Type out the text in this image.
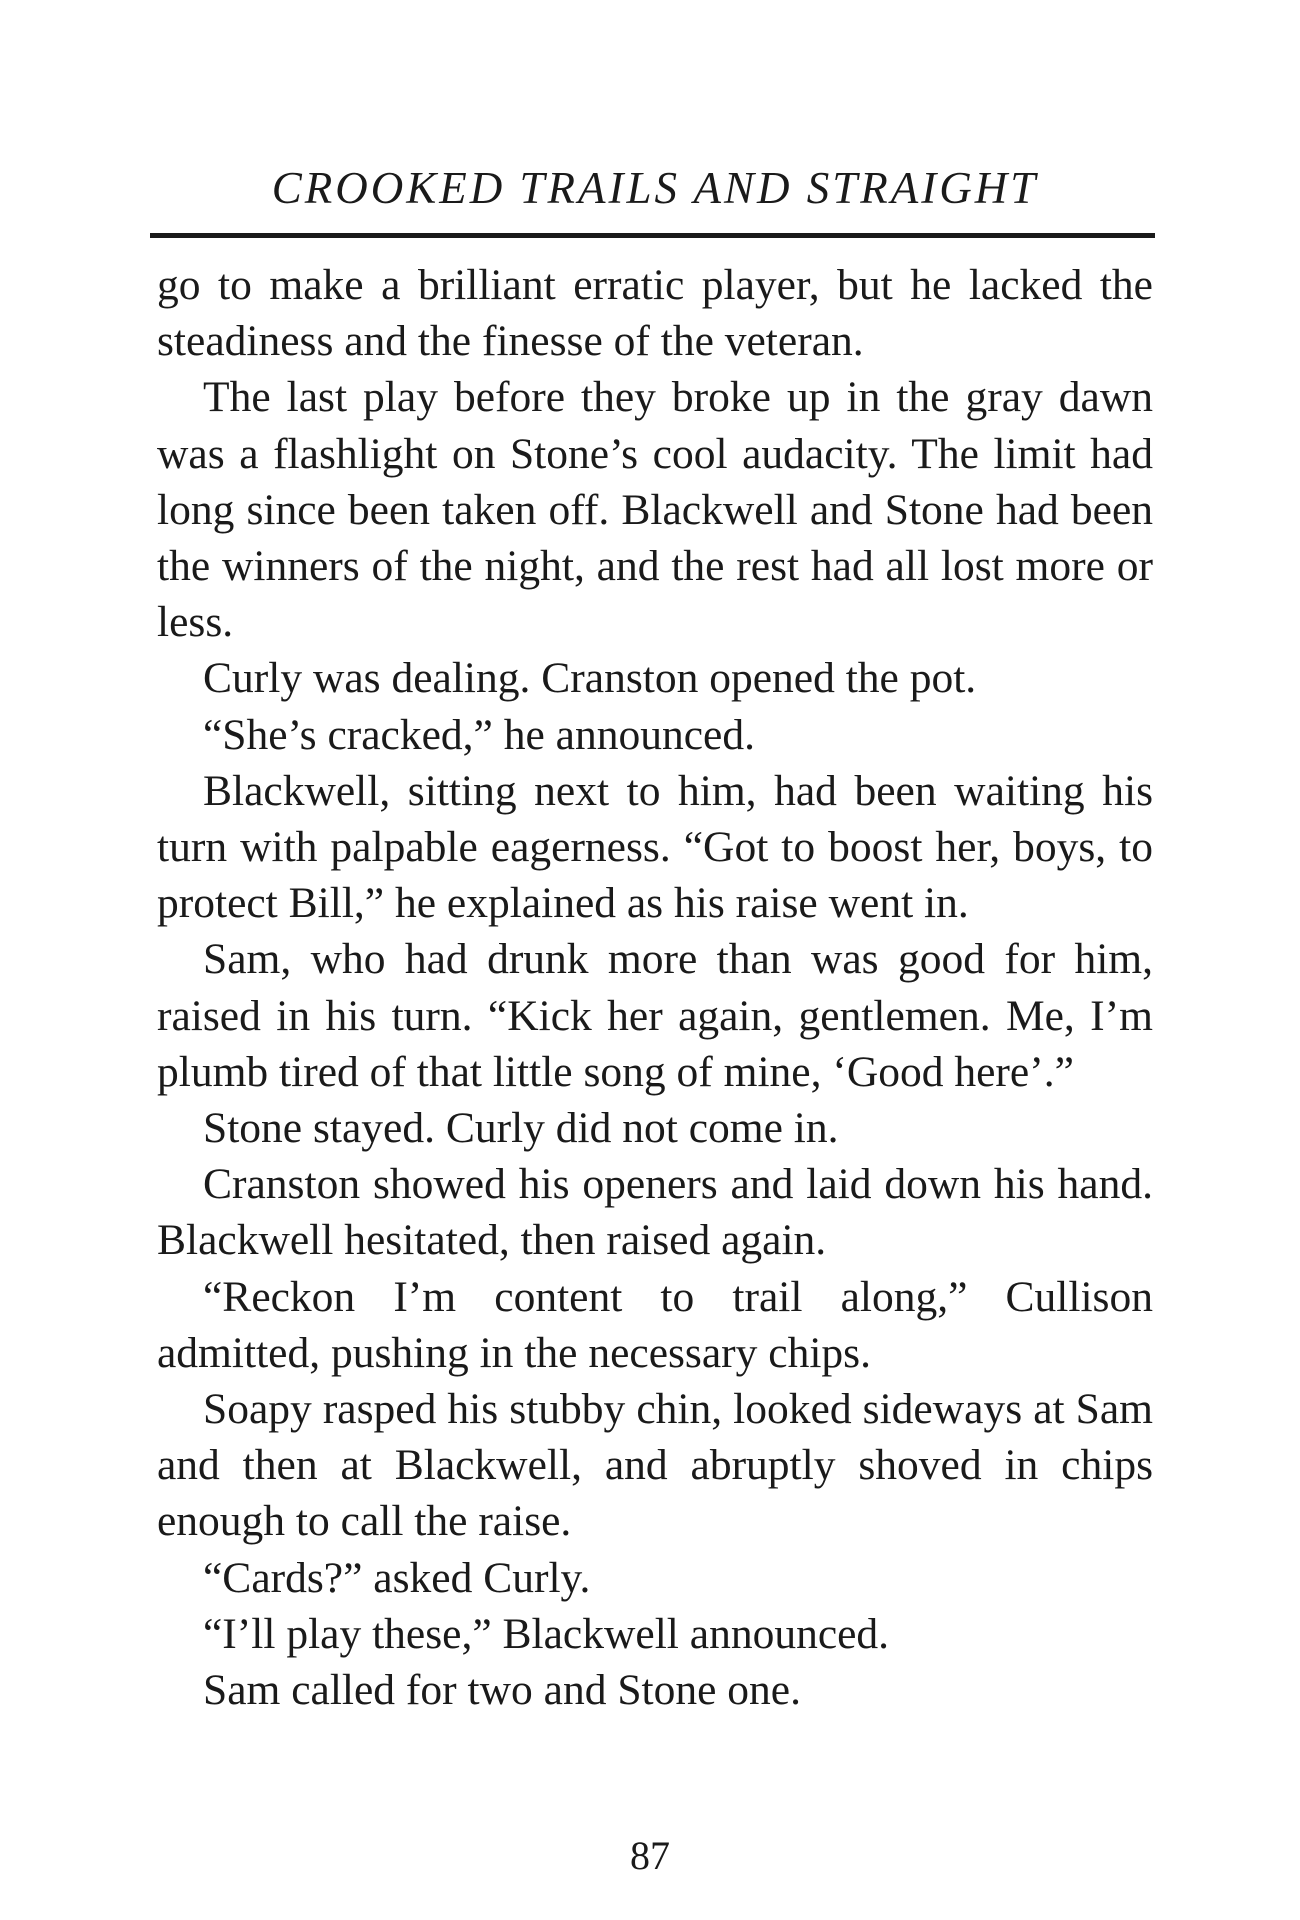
CROOKED TRAILS AND STRAIGHT

go to make a brilliant erratic player, but he lacked the steadiness and the finesse of the veteran.

The last play before they broke up in the gray dawn was a flashlight on Stone’s cool audacity. The limit had long since been taken off. Blackwell and Stone had been the winners of the night, and the rest had all lost more or less.

Curly was dealing. Cranston opened the pot.

“She’s cracked,” he announced.

Blackwell, sitting next to him, had been waiting his turn with palpable eagerness. “Got to boost her, boys, to protect Bill,” he explained as his raise went in.

Sam, who had drunk more than was good for him, raised in his turn. “Kick her again, gentlemen. Me, I’m plumb tired of that little song of mine, ‘Good here’.”

Stone stayed. Curly did not come in.

Cranston showed his openers and laid down his hand. Blackwell hesitated, then raised again.

“Reckon I’m content to trail along,” Cullison admitted, pushing in the necessary chips.

Soapy rasped his stubby chin, looked sideways at Sam and then at Blackwell, and abruptly shoved in chips enough to call the raise.

“Cards?” asked Curly.

“I’ll play these,” Blackwell announced.

Sam called for two and Stone one.

87
